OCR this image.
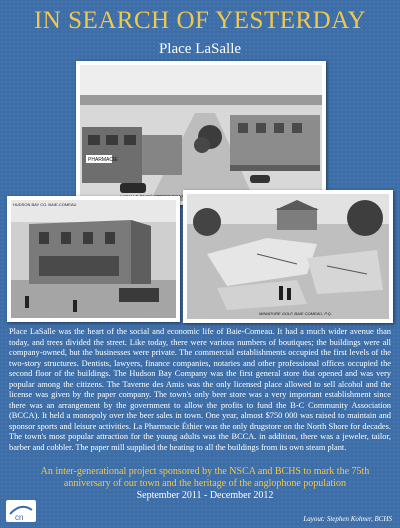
IN SEARCH OF YESTERDAY
Place LaSalle
PHARMACIE
HUDSON BAY CO. BAIE-COMEAU
MINIATURE GOLF, BAIE COMEAU, P.Q.
Place LaSalle was the heart of the social and economic life of Baie-Comeau. It had a much wider avenue than today, and trees divided the street. Like today, there were various numbers of boutiques; the buildings were all company-owned, but the businesses were private. The commercial establishments occupied the first levels of the two-story structures. Dentists, lawyers, finance companies, notaries and other professional offices occupied the second floor of the buildings. The Hudson Bay Company was the first general store that opened and was very popular among the citizens. The Taverne des Amis was the only licensed place allowed to sell alcohol and the license was given by the paper company. The town's only beer store was a very important establishment since there was an arrangement by the government to allow the profits to fund the B-C Community Association (BCCA). It held a monopoly over the beer sales in town. One year, almost $750 000 was raised to maintain and sponsor sports and leisure activities. La Pharmacie Éthier was the only drugstore on the North Shore for decades. The town's most popular attraction for the young adults was the BCCA. in addition, there was a jeweler, tailor, barber and cobbler. The paper mill supplied the heating to all the buildings from its own steam plant.
An inter-generational project sponsored by the NSCA and BCHS to mark the 75th
anniversary of our town and the heritage of the anglophone population
September 2011 - December 2012
cn	Layout: Stephen Kohner, BCHS
